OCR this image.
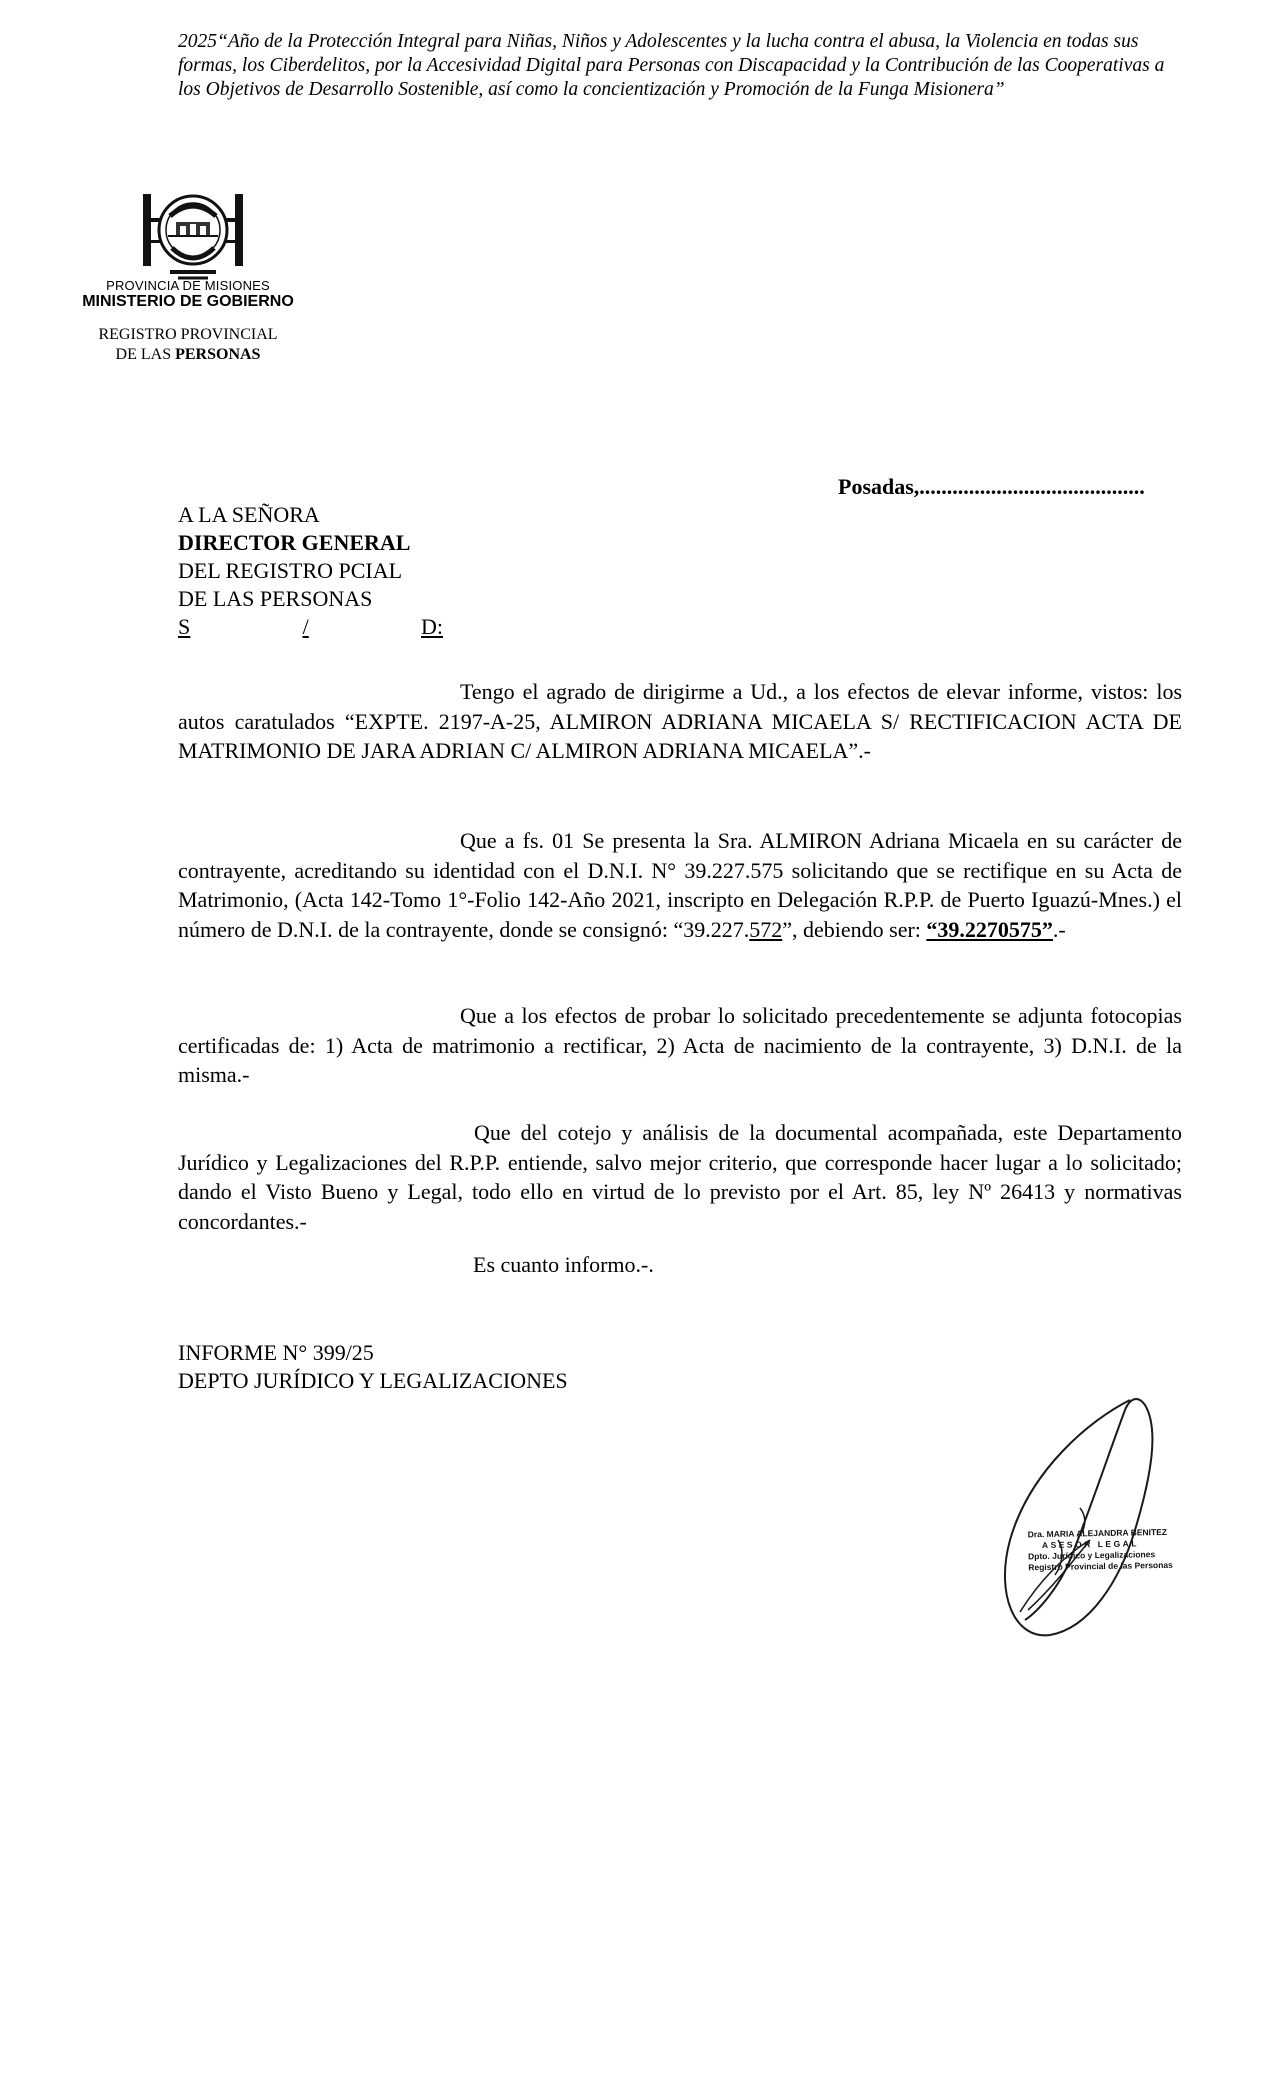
2025“Año de la Protección Integral para Niñas, Niños y Adolescentes y la lucha contra el abusa, la Violencia en todas sus formas, los Ciberdelitos, por la Accesividad Digital para Personas con Discapacidad y la Contribución de las Cooperativas a los Objetivos de Desarrollo Sostenible, así como la concientización y Promoción de la Funga Misionera”
PROVINCIA DE MISIONES
MINISTERIO DE GOBIERNO
REGISTRO PROVINCIAL
DE LAS PERSONAS
Posadas,.........................................
A LA SEÑORA
DIRECTOR GENERAL
DEL REGISTRO PCIAL
DE LAS PERSONAS
S	/	D:
Tengo el agrado de dirigirme a Ud., a los efectos de elevar informe, vistos: los autos caratulados “EXPTE. 2197-A-25, ALMIRON ADRIANA MICAELA S/ RECTIFICACION ACTA DE MATRIMONIO DE JARA ADRIAN C/ ALMIRON ADRIANA MICAELA”.-
Que a fs. 01 Se presenta la Sra. ALMIRON Adriana Micaela en su carácter de contrayente, acreditando su identidad con el D.N.I. N° 39.227.575 solicitando que se rectifique en su Acta de Matrimonio, (Acta 142-Tomo 1°-Folio 142-Año 2021, inscripto en Delegación R.P.P. de Puerto Iguazú-Mnes.) el número de D.N.I. de la contrayente, donde se consignó: “39.227.572”, debiendo ser: “39.2270575”.-
Que a los efectos de probar lo solicitado precedentemente se adjunta fotocopias certificadas de: 1) Acta de matrimonio a rectificar, 2) Acta de nacimiento de la contrayente, 3) D.N.I. de la misma.-
Que del cotejo y análisis de la documental acompañada, este Departamento Jurídico y Legalizaciones del R.P.P. entiende, salvo mejor criterio, que corresponde hacer lugar a lo solicitado; dando el Visto Bueno y Legal, todo ello en virtud de lo previsto por el Art. 85, ley Nº 26413 y normativas concordantes.-
Es cuanto informo.-.
INFORME N° 399/25
DEPTO JURÍDICO Y LEGALIZACIONES
Dra. MARIA ALEJANDRA BENITEZ
ASESOR LEGAL
Dpto. Jurídico y Legalizaciones
Registro Provincial de las Personas
